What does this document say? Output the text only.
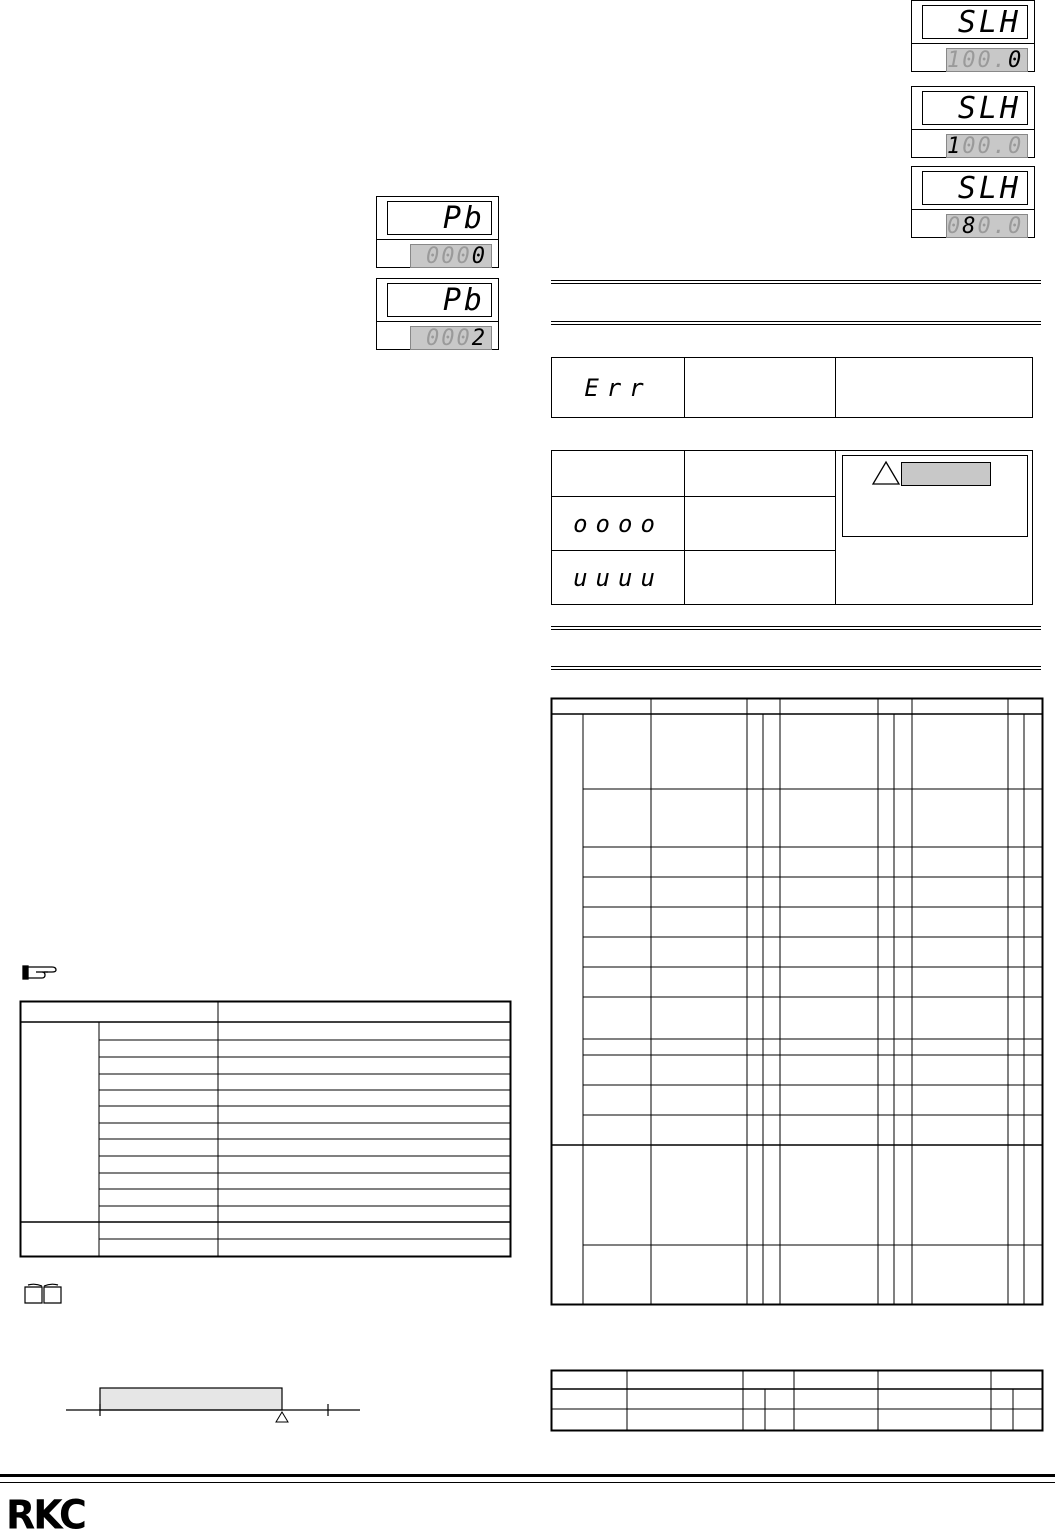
Pb
0000
Pb
0002
SLH
100.0
SLH
100.0
SLH
080.0
Err		

oooo		
uuuu		
RKC
